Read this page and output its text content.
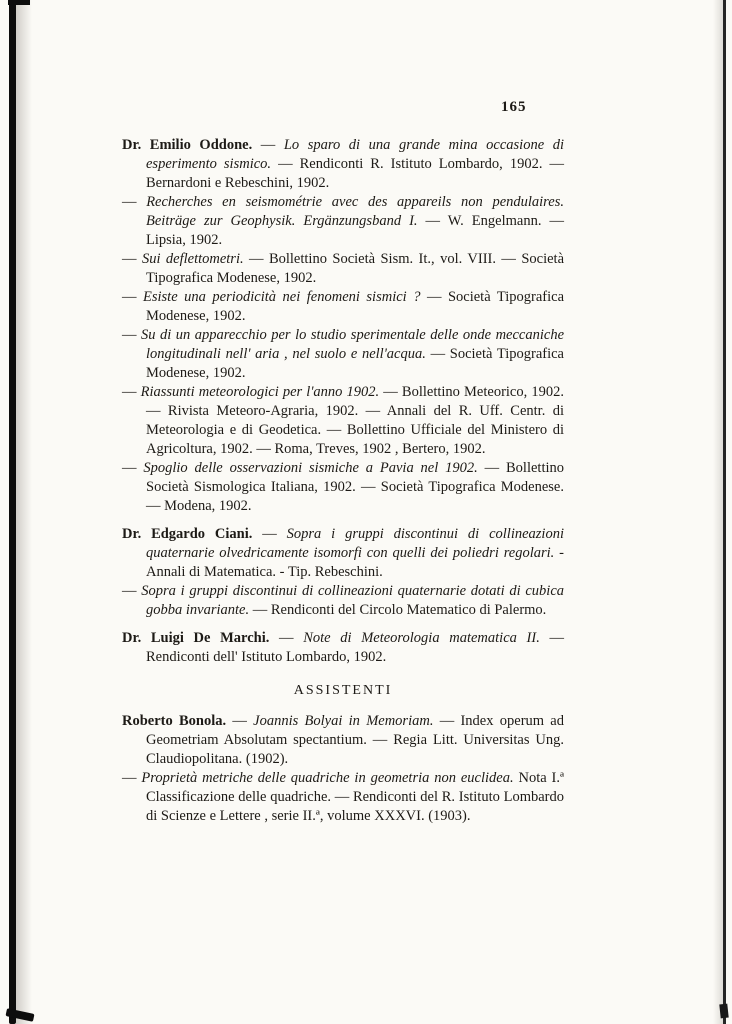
165

Dr. Emilio Oddone. — Lo sparo di una grande mina occasione di esperimento sismico. — Rendiconti R. Istituto Lombardo, 1902. — Bernardoni e Rebeschini, 1902.

— Recherches en seismométrie avec des appareils non pendulaires. Beiträge zur Geophysik. Ergänzungsband I. — W. Engelmann. — Lipsia, 1902.

— Sui deflettometri. — Bollettino Società Sism. It., vol. VIII. — Società Tipografica Modenese, 1902.

— Esiste una periodicità nei fenomeni sismici ? — Società Tipografica Modenese, 1902.

— Su di un apparecchio per lo studio sperimentale delle onde meccaniche longitudinali nell' aria , nel suolo e nell'acqua. — Società Tipografica Modenese, 1902.

— Riassunti meteorologici per l'anno 1902. — Bollettino Meteorico, 1902. — Rivista Meteoro-Agraria, 1902. — Annali del R. Uff. Centr. di Meteorologia e di Geodetica. — Bollettino Ufficiale del Ministero di Agricoltura, 1902. — Roma, Treves, 1902 , Bertero, 1902.

— Spoglio delle osservazioni sismiche a Pavia nel 1902. — Bollettino Società Sismologica Italiana, 1902. — Società Tipografica Modenese. — Modena, 1902.

Dr. Edgardo Ciani. — Sopra i gruppi discontinui di collineazioni quaternarie olvedricamente isomorfi con quelli dei poliedri regolari. - Annali di Matematica. - Tip. Rebeschini.

— Sopra i gruppi discontinui di collineazioni quaternarie dotati di cubica gobba invariante. — Rendiconti del Circolo Matematico di Palermo.

Dr. Luigi De Marchi. — Note di Meteorologia matematica II. — Rendiconti dell' Istituto Lombardo, 1902.

ASSISTENTI

Roberto Bonola. — Joannis Bolyai in Memoriam. — Index operum ad Geometriam Absolutam spectantium. — Regia Litt. Universitas Ung. Claudiopolitana. (1902).

— Proprietà metriche delle quadriche in geometria non euclidea. Nota I.ª Classificazione delle quadriche. — Rendiconti del R. Istituto Lombardo di Scienze e Lettere , serie II.ª, volume XXXVI. (1903).
